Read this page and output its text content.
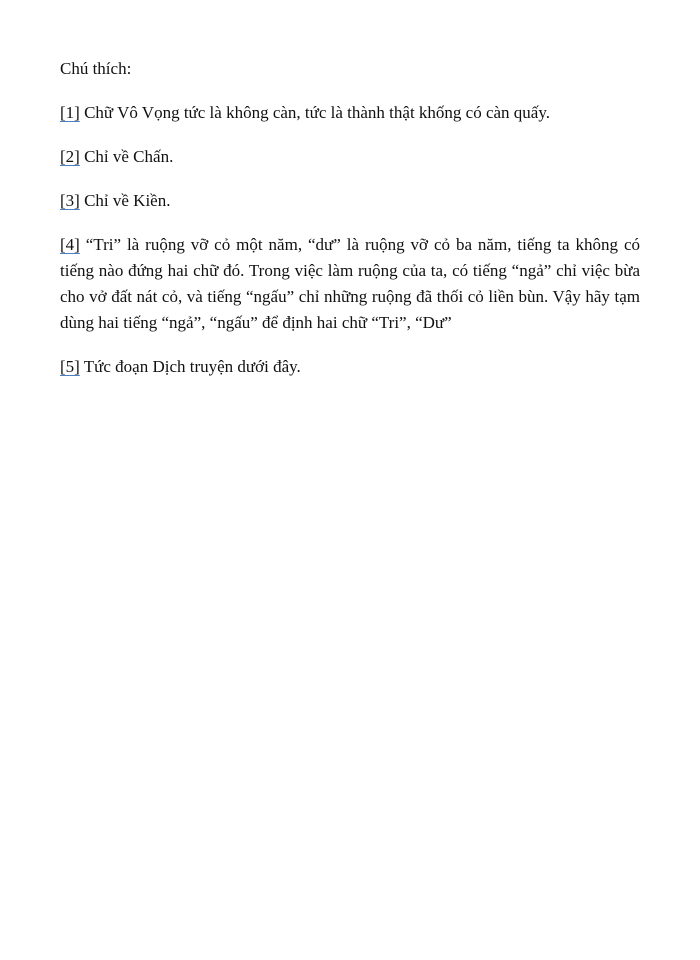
Chú thích:

[1] Chữ Vô Vọng tức là không càn, tức là thành thật khống có càn quấy.

[2] Chỉ về Chấn.

[3] Chỉ về Kiền.

[4] “Tri” là ruộng vỡ cỏ một năm, “dư” là ruộng vỡ cỏ ba năm, tiếng ta không có tiếng nào đứng hai chữ đó. Trong việc làm ruộng của ta, có tiếng “ngả” chỉ việc bừa cho vở đất nát cỏ, và tiếng “ngấu” chỉ những ruộng đã thối cỏ liền bùn. Vậy hãy tạm dùng hai tiếng “ngả”, “ngấu” để định hai chữ “Tri”, “Dư”

[5] Tức đoạn Dịch truyện dưới đây.
